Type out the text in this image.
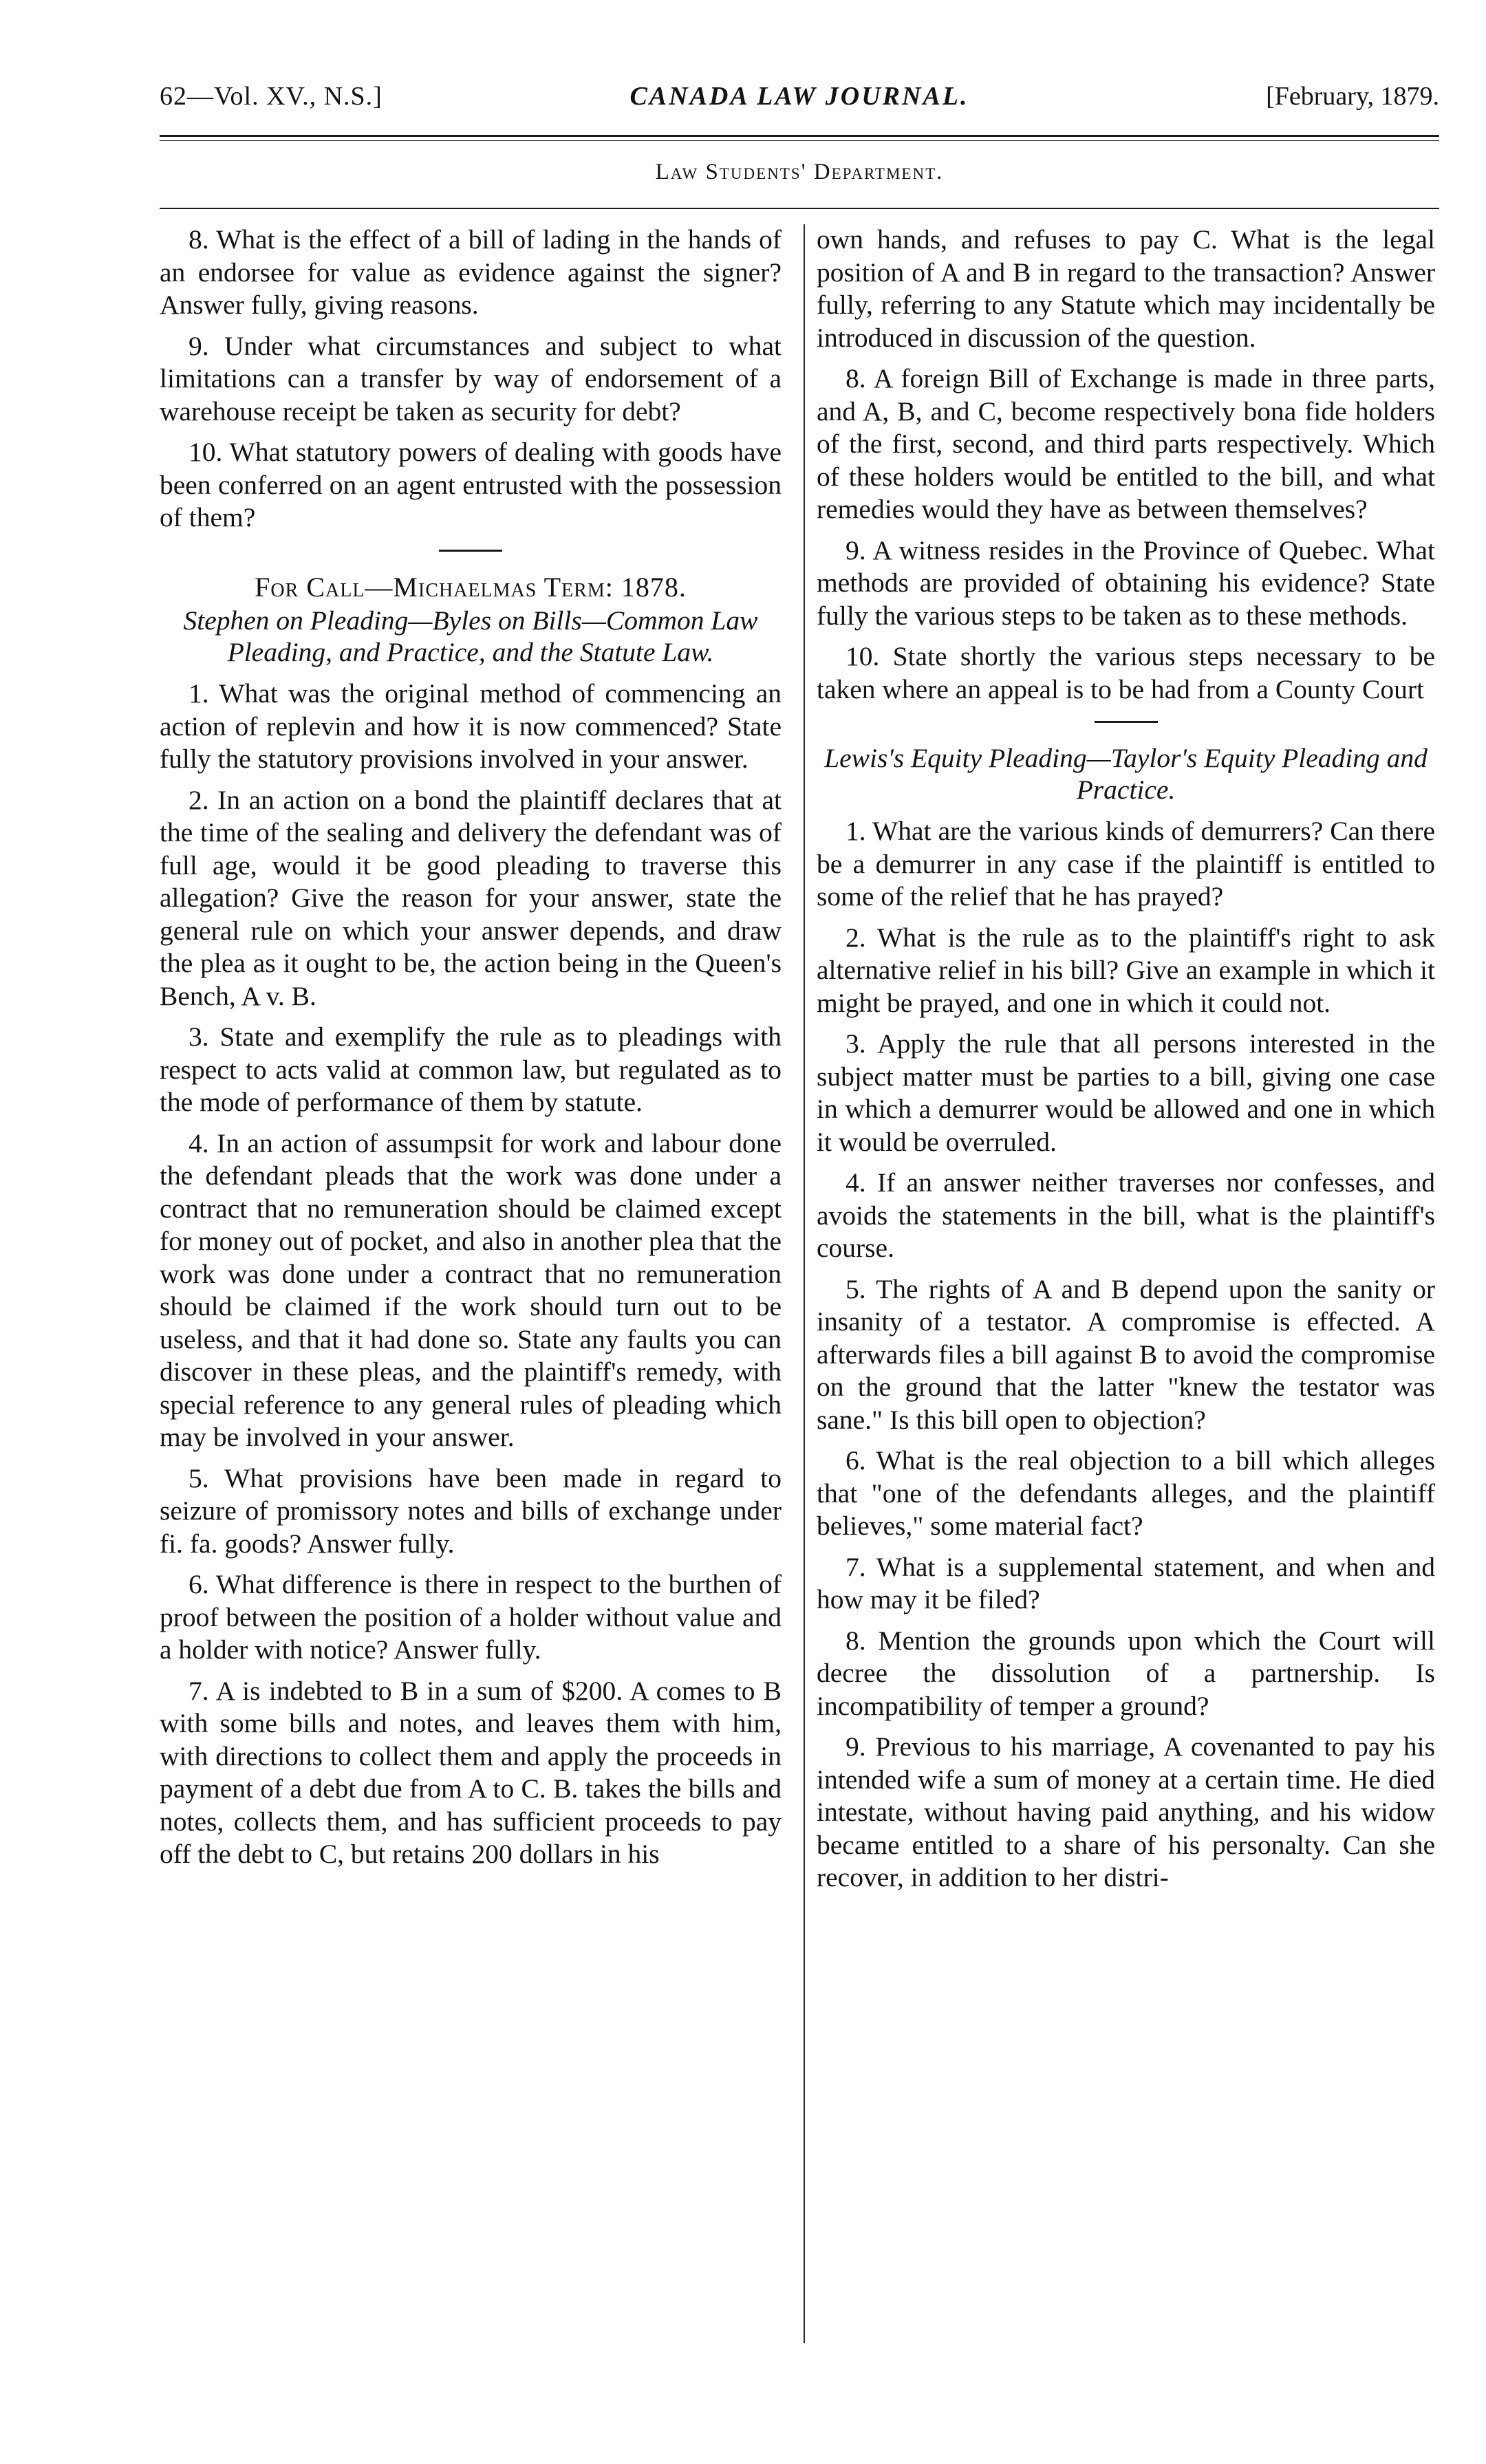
62—Vol. XV., N.S.]	CANADA LAW JOURNAL.	[February, 1879.
Law Students' Department.

8. What is the effect of a bill of lading in the hands of an endorsee for value as evidence against the signer? Answer fully, giving reasons.

9. Under what circumstances and subject to what limitations can a transfer by way of endorsement of a warehouse receipt be taken as security for debt?

10. What statutory powers of dealing with goods have been conferred on an agent entrusted with the possession of them?

For Call—Michaelmas Term: 1878.
Stephen on Pleading—Byles on Bills—Common Law Pleading, and Practice, and the Statute Law.

1. What was the original method of commencing an action of replevin and how it is now commenced? State fully the statutory provisions involved in your answer.

2. In an action on a bond the plaintiff declares that at the time of the sealing and delivery the defendant was of full age, would it be good pleading to traverse this allegation? Give the reason for your answer, state the general rule on which your answer depends, and draw the plea as it ought to be, the action being in the Queen's Bench, A v. B.

3. State and exemplify the rule as to pleadings with respect to acts valid at common law, but regulated as to the mode of performance of them by statute.

4. In an action of assumpsit for work and labour done the defendant pleads that the work was done under a contract that no remuneration should be claimed except for money out of pocket, and also in another plea that the work was done under a contract that no remuneration should be claimed if the work should turn out to be useless, and that it had done so. State any faults you can discover in these pleas, and the plaintiff's remedy, with special reference to any general rules of pleading which may be involved in your answer.

5. What provisions have been made in regard to seizure of promissory notes and bills of exchange under fi. fa. goods? Answer fully.

6. What difference is there in respect to the burthen of proof between the position of a holder without value and a holder with notice? Answer fully.

7. A is indebted to B in a sum of $200. A comes to B with some bills and notes, and leaves them with him, with directions to collect them and apply the proceeds in payment of a debt due from A to C. B. takes the bills and notes, collects them, and has sufficient proceeds to pay off the debt to C, but retains 200 dollars in his

own hands, and refuses to pay C. What is the legal position of A and B in regard to the transaction? Answer fully, referring to any Statute which may incidentally be introduced in discussion of the question.

8. A foreign Bill of Exchange is made in three parts, and A, B, and C, become respectively bona fide holders of the first, second, and third parts respectively. Which of these holders would be entitled to the bill, and what remedies would they have as between themselves?

9. A witness resides in the Province of Quebec. What methods are provided of obtaining his evidence? State fully the various steps to be taken as to these methods.

10. State shortly the various steps necessary to be taken where an appeal is to be had from a County Court

Lewis's Equity Pleading—Taylor's Equity Pleading and Practice.

1. What are the various kinds of demurrers? Can there be a demurrer in any case if the plaintiff is entitled to some of the relief that he has prayed?

2. What is the rule as to the plaintiff's right to ask alternative relief in his bill? Give an example in which it might be prayed, and one in which it could not.

3. Apply the rule that all persons interested in the subject matter must be parties to a bill, giving one case in which a demurrer would be allowed and one in which it would be overruled.

4. If an answer neither traverses nor confesses, and avoids the statements in the bill, what is the plaintiff's course.

5. The rights of A and B depend upon the sanity or insanity of a testator. A compromise is effected. A afterwards files a bill against B to avoid the compromise on the ground that the latter "knew the testator was sane." Is this bill open to objection?

6. What is the real objection to a bill which alleges that "one of the defendants alleges, and the plaintiff believes," some material fact?

7. What is a supplemental statement, and when and how may it be filed?

8. Mention the grounds upon which the Court will decree the dissolution of a partnership. Is incompatibility of temper a ground?

9. Previous to his marriage, A covenanted to pay his intended wife a sum of money at a certain time. He died intestate, without having paid anything, and his widow became entitled to a share of his personalty. Can she recover, in addition to her distri-
